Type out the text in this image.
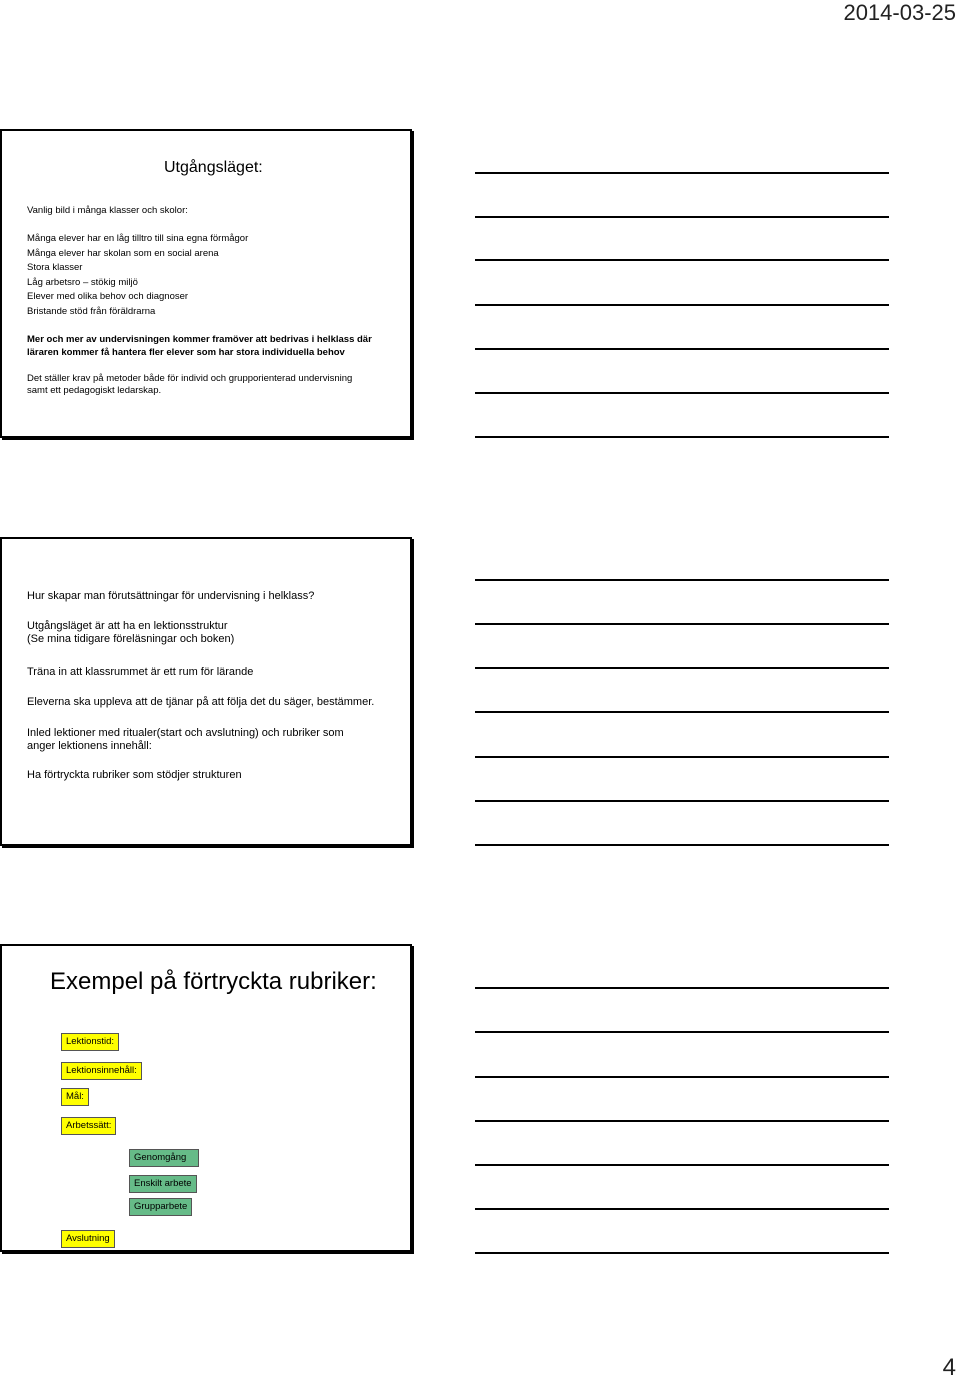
2014-03-25
Utgångsläget:
Vanlig bild i många klasser och skolor:
Många elever har en låg tilltro till sina egna förmågor
Många elever har skolan som en social arena
Stora klasser
Låg arbetsro – stökig miljö
Elever med olika behov och diagnoser
Bristande stöd från föräldrarna
Mer och mer av undervisningen kommer framöver att bedrivas i helklass där
läraren kommer få hantera fler elever som har stora individuella behov
Det ställer krav på metoder både för individ och grupporienterad undervisning
samt ett pedagogiskt ledarskap.
Hur skapar man förutsättningar för undervisning i helklass?
Utgångsläget är att ha en lektionsstruktur
(Se mina tidigare föreläsningar och boken)
Träna in att klassrummet är ett rum för lärande
Eleverna ska uppleva att de tjänar på att följa det du säger, bestämmer.
Inled lektioner med ritualer(start och avslutning) och rubriker som
anger lektionens innehåll:
Ha förtryckta rubriker som stödjer strukturen
Exempel på förtryckta rubriker:
Lektionstid:
Lektionsinnehåll:
Mål:
Arbetssätt:
Genomgång
Enskilt arbete
Grupparbete
Avslutning
4
